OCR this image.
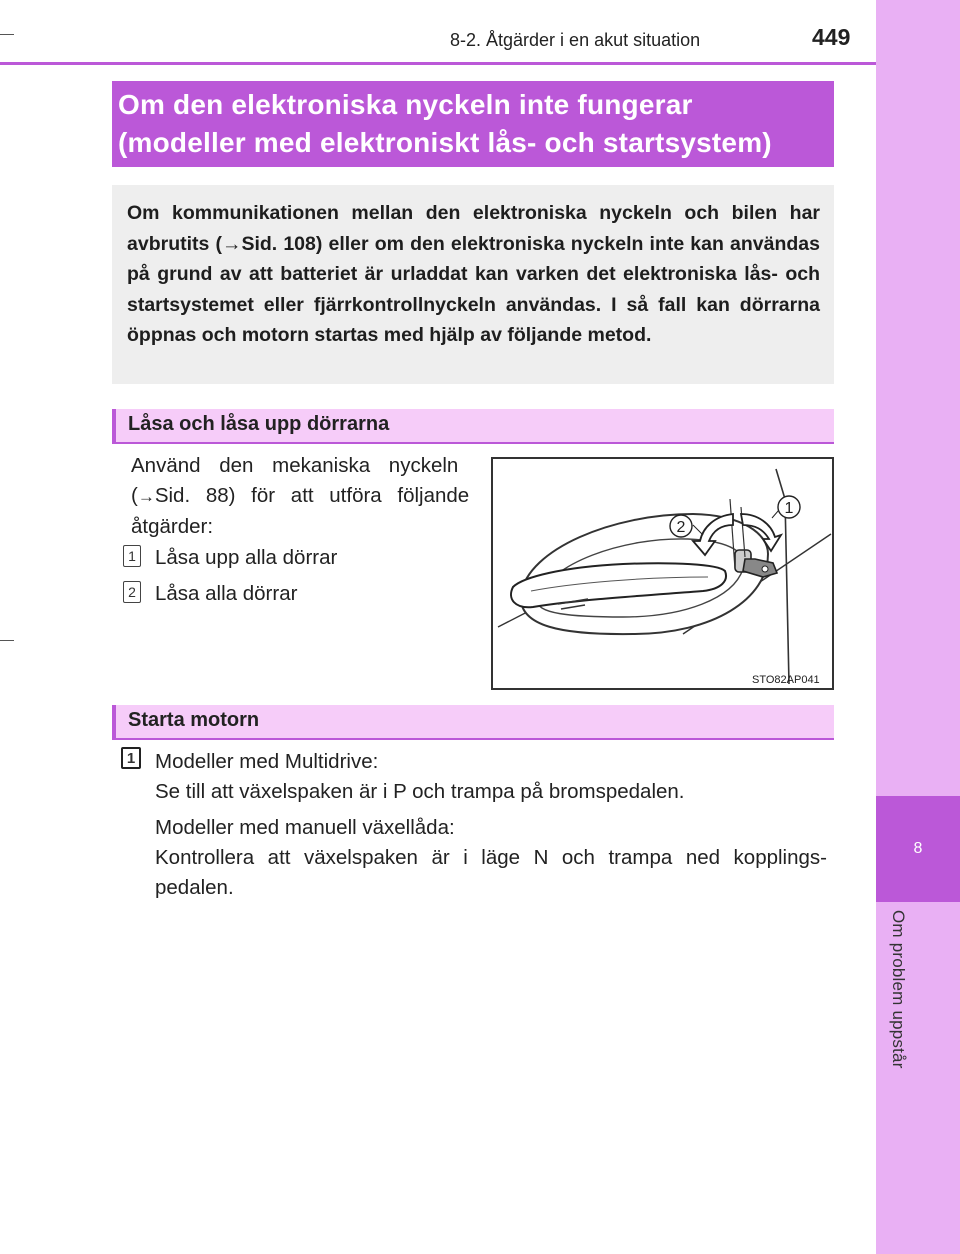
8
Om problem uppstår
8-2. Åtgärder i en akut situation	449
Om den elektroniska nyckeln inte fungerar
(modeller med elektroniskt lås- och startsystem)
Om kommunikationen mellan den elektroniska nyckeln och bilen har avbrutits (→Sid. 108) eller om den elektroniska nyckeln inte kan användas på grund av att batteriet är urladdat kan varken det elektroniska lås- och startsystemet eller fjärrkontrollnyckeln användas. I så fall kan dörrarna öppnas och motorn startas med hjälp av följande metod.
Låsa och låsa upp dörrarna
Använd den mekaniska nyckeln
(→Sid. 88) för att utföra följande
åtgärder:
1 Låsa upp alla dörrar
2 Låsa alla dörrar
1
2
STO82AP041
Starta motorn
1 Modeller med Multidrive:
Se till att växelspaken är i P och trampa på bromspedalen.
Modeller med manuell växellåda:
Kontrollera att växelspaken är i läge N och trampa ned kopplings-
pedalen.
